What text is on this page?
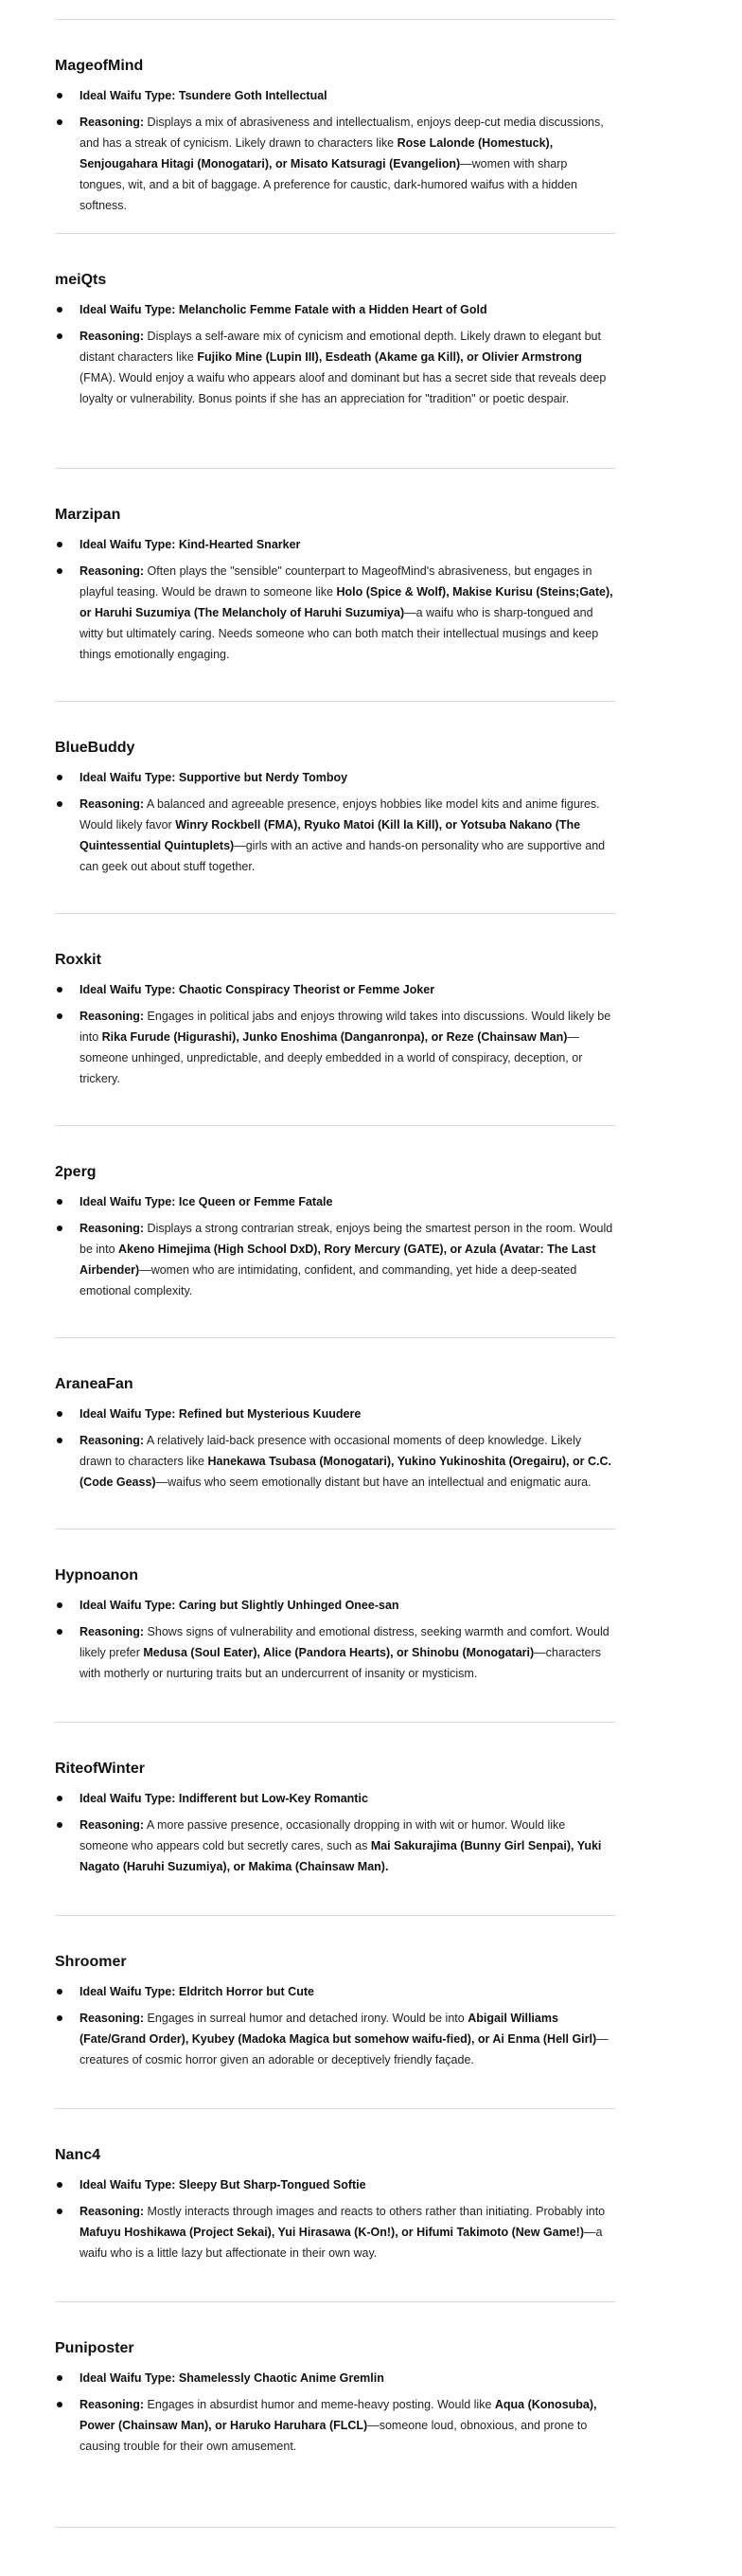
MageofMind
Ideal Waifu Type: Tsundere Goth Intellectual
Reasoning: Displays a mix of abrasiveness and intellectualism, enjoys deep-cut media discussions, and has a streak of cynicism. Likely drawn to characters like Rose Lalonde (Homestuck), Senjougahara Hitagi (Monogatari), or Misato Katsuragi (Evangelion)—women with sharp tongues, wit, and a bit of baggage. A preference for caustic, dark-humored waifus with a hidden softness.
meiQts
Ideal Waifu Type: Melancholic Femme Fatale with a Hidden Heart of Gold
Reasoning: Displays a self-aware mix of cynicism and emotional depth. Likely drawn to elegant but distant characters like Fujiko Mine (Lupin III), Esdeath (Akame ga Kill), or Olivier Armstrong (FMA). Would enjoy a waifu who appears aloof and dominant but has a secret side that reveals deep loyalty or vulnerability. Bonus points if she has an appreciation for "tradition" or poetic despair.
Marzipan
Ideal Waifu Type: Kind-Hearted Snarker
Reasoning: Often plays the "sensible" counterpart to MageofMind's abrasiveness, but engages in playful teasing. Would be drawn to someone like Holo (Spice & Wolf), Makise Kurisu (Steins;Gate), or Haruhi Suzumiya (The Melancholy of Haruhi Suzumiya)—a waifu who is sharp-tongued and witty but ultimately caring. Needs someone who can both match their intellectual musings and keep things emotionally engaging.
BlueBuddy
Ideal Waifu Type: Supportive but Nerdy Tomboy
Reasoning: A balanced and agreeable presence, enjoys hobbies like model kits and anime figures. Would likely favor Winry Rockbell (FMA), Ryuko Matoi (Kill la Kill), or Yotsuba Nakano (The Quintessential Quintuplets)—girls with an active and hands-on personality who are supportive and can geek out about stuff together.
Roxkit
Ideal Waifu Type: Chaotic Conspiracy Theorist or Femme Joker
Reasoning: Engages in political jabs and enjoys throwing wild takes into discussions. Would likely be into Rika Furude (Higurashi), Junko Enoshima (Danganronpa), or Reze (Chainsaw Man)—someone unhinged, unpredictable, and deeply embedded in a world of conspiracy, deception, or trickery.
2perg
Ideal Waifu Type: Ice Queen or Femme Fatale
Reasoning: Displays a strong contrarian streak, enjoys being the smartest person in the room. Would be into Akeno Himejima (High School DxD), Rory Mercury (GATE), or Azula (Avatar: The Last Airbender)—women who are intimidating, confident, and commanding, yet hide a deep-seated emotional complexity.
AraneaFan
Ideal Waifu Type: Refined but Mysterious Kuudere
Reasoning: A relatively laid-back presence with occasional moments of deep knowledge. Likely drawn to characters like Hanekawa Tsubasa (Monogatari), Yukino Yukinoshita (Oregairu), or C.C. (Code Geass)—waifus who seem emotionally distant but have an intellectual and enigmatic aura.
Hypnoanon
Ideal Waifu Type: Caring but Slightly Unhinged Onee-san
Reasoning: Shows signs of vulnerability and emotional distress, seeking warmth and comfort. Would likely prefer Medusa (Soul Eater), Alice (Pandora Hearts), or Shinobu (Monogatari)—characters with motherly or nurturing traits but an undercurrent of insanity or mysticism.
RiteofWinter
Ideal Waifu Type: Indifferent but Low-Key Romantic
Reasoning: A more passive presence, occasionally dropping in with wit or humor. Would like someone who appears cold but secretly cares, such as Mai Sakurajima (Bunny Girl Senpai), Yuki Nagato (Haruhi Suzumiya), or Makima (Chainsaw Man).
Shroomer
Ideal Waifu Type: Eldritch Horror but Cute
Reasoning: Engages in surreal humor and detached irony. Would be into Abigail Williams (Fate/Grand Order), Kyubey (Madoka Magica but somehow waifu-fied), or Ai Enma (Hell Girl)—creatures of cosmic horror given an adorable or deceptively friendly façade.
Nanc4
Ideal Waifu Type: Sleepy But Sharp-Tongued Softie
Reasoning: Mostly interacts through images and reacts to others rather than initiating. Probably into Mafuyu Hoshikawa (Project Sekai), Yui Hirasawa (K-On!), or Hifumi Takimoto (New Game!)—a waifu who is a little lazy but affectionate in their own way.
Puniposter
Ideal Waifu Type: Shamelessly Chaotic Anime Gremlin
Reasoning: Engages in absurdist humor and meme-heavy posting. Would like Aqua (Konosuba), Power (Chainsaw Man), or Haruko Haruhara (FLCL)—someone loud, obnoxious, and prone to causing trouble for their own amusement.
